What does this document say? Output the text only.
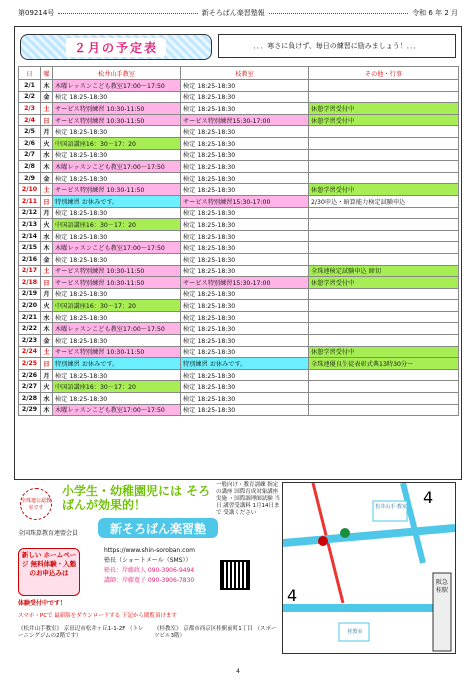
第09214号	新そろばん楽習塾報	令和 6 年 2 月
２月の予定表	．．．寒さに負けず、毎日の練習に励みましょう！．．．
日	曜	松井山手教室	枝教室	その他・行事
2/1	木	木曜レッスンこども教室17:00～17:50	検定 18:25-18:30	
2/2	金	検定 18:25-18:30	検定 18:25-18:30	
2/3	土	サービス特別練習 10:30-11:50	検定 18:25-18:30	休憩学習受付中
2/4	日	サービス特別練習 10:30-11:50	サービス特別練習15:30-17:00	休憩学習受付中
2/5	月	検定 18:25-18:30	検定 18:25-18:30	
2/6	火	中国語講座16：30－17：20	検定 18:25-18:30	
2/7	水	検定 18:25-18:30	検定 18:25-18:30	
2/8	木	木曜レッスンこども教室17:00～17:50	検定 18:25-18:30	
2/9	金	検定 18:25-18:30	検定 18:25-18:30	
2/10	土	サービス特別練習 10:30-11:50	検定 18:25-18:30	休憩学習受付中
2/11	日	特別練習 お休みです。	サービス特別練習15:30-17:00	2/30申込・暗算能力検定試験申込
2/12	月	検定 18:25-18:30	検定 18:25-18:30	
2/13	火	中国語講座16：30－17：20	検定 18:25-18:30	
2/14	水	検定 18:25-18:30	検定 18:25-18:30	
2/15	木	木曜レッスンこども教室17:00～17:50	検定 18:25-18:30	
2/16	金	検定 18:25-18:30	検定 18:25-18:30	
2/17	土	サービス特別練習 10:30-11:50	検定 18:25-18:30	全珠連検定試験申込 締切
2/18	日	サービス特別練習 10:30-11:50	サービス特別練習15:30-17:00	休憩学習受付中
2/19	月	検定 18:25-18:30	検定 18:25-18:30	
2/20	火	中国語講座16：30－17：20	検定 18:25-18:30	
2/21	水	検定 18:25-18:30	検定 18:25-18:30	
2/22	木	木曜レッスンこども教室17:00～17:50	検定 18:25-18:30	
2/23	金	検定 18:25-18:30	検定 18:25-18:30	
2/24	土	サービス特別練習 10:30-11:50	検定 18:25-18:30	休憩学習受付中
2/25	日	特別練習 お休みです。	特別練習 お休みです。	全珠連優良生徒表彰式典13時30分～
2/26	月	検定 18:25-18:30	検定 18:25-18:30	
2/27	火	中国語講座16：30－17：20	検定 18:25-18:30	
2/28	水	検定 18:25-18:30	検定 18:25-18:30	
2/29	木	木曜レッスンこども教室17:00～17:50	検定 18:25-18:30	
全珠連公認教室です
小学生・幼稚園児には そろばんが効果的！
一般向け・教育訓練 指定の講座 国際育成対象講座 実施 ・国際調理師試験 当日 講習受講料 1月14日まで 受講ください
全国珠算教育連盟会員	新そろばん楽習塾
新しい ホームページ 無料体験・入塾 のお申込みは
https://www.shin-soroban.com
塾長（ショートメール（SMS））
塾長：岸藤政人 090-3906-9494
講師：岸藤寛子 090-3906-7830
体験受付中です！
スマホ・PCで 最新版をダウンロードする 下記から閲覧頂けます
《松井山手教室》 京田辺市松井ヶ丘1-1-2F （トレーニングジムの2階です）
《桂教室》 京都市西京区桂駅前町1丁目 （スポーツビル3階）
4
4
松井山手 教室
桂教室
阪急桂駅
4
